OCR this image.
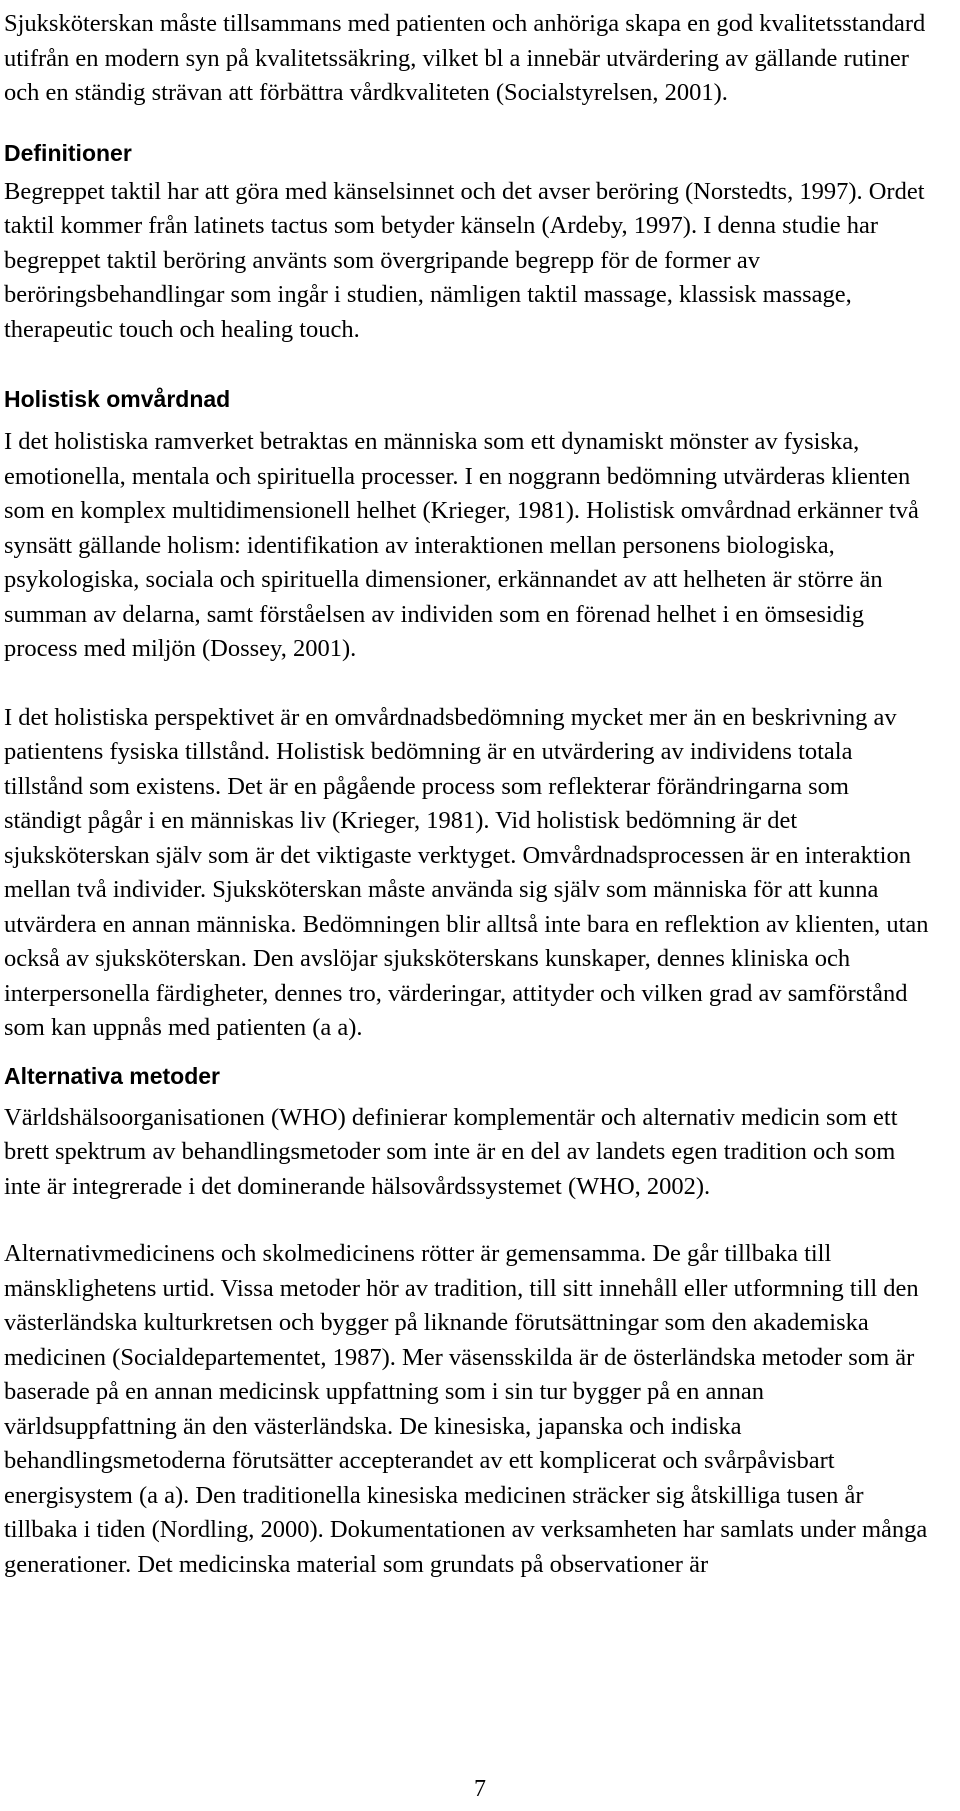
Sjuksköterskan måste tillsammans med patienten och anhöriga skapa en god kvalitetsstandard utifrån en modern syn på kvalitetssäkring, vilket bl a innebär utvärdering av gällande rutiner och en ständig strävan att förbättra vårdkvaliteten (Socialstyrelsen, 2001).

Definitioner

Begreppet taktil har att göra med känselsinnet och det avser beröring (Norstedts, 1997). Ordet taktil kommer från latinets tactus som betyder känseln (Ardeby, 1997). I denna studie har begreppet taktil beröring använts som övergripande begrepp för de former av beröringsbehandlingar som ingår i studien, nämligen taktil massage, klassisk massage, therapeutic touch och healing touch.

Holistisk omvårdnad

I det holistiska ramverket betraktas en människa som ett dynamiskt mönster av fysiska, emotionella, mentala och spirituella processer. I en noggrann bedömning utvärderas klienten som en komplex multidimensionell helhet (Krieger, 1981). Holistisk omvårdnad erkänner två synsätt gällande holism: identifikation av interaktionen mellan personens biologiska, psykologiska, sociala och spirituella dimensioner, erkännandet av att helheten är större än summan av delarna, samt förståelsen av individen som en förenad helhet i en ömsesidig process med miljön (Dossey, 2001).

I det holistiska perspektivet är en omvårdnadsbedömning mycket mer än en beskrivning av patientens fysiska tillstånd. Holistisk bedömning är en utvärdering av individens totala tillstånd som existens. Det är en pågående process som reflekterar förändringarna som ständigt pågår i en människas liv (Krieger, 1981). Vid holistisk bedömning är det sjuksköterskan själv som är det viktigaste verktyget. Omvårdnadsprocessen är en interaktion mellan två individer. Sjuksköterskan måste använda sig själv som människa för att kunna utvärdera en annan människa. Bedömningen blir alltså inte bara en reflektion av klienten, utan också av sjuksköterskan. Den avslöjar sjuksköterskans kunskaper, dennes kliniska och interpersonella färdigheter, dennes tro, värderingar, attityder och vilken grad av samförstånd som kan uppnås med patienten (a a).

Alternativa metoder

Världshälsoorganisationen (WHO) definierar komplementär och alternativ medicin som ett brett spektrum av behandlingsmetoder som inte är en del av landets egen tradition och som inte är integrerade i det dominerande hälsovårdssystemet (WHO, 2002).

Alternativmedicinens och skolmedicinens rötter är gemensamma. De går tillbaka till mänsklighetens urtid. Vissa metoder hör av tradition, till sitt innehåll eller utformning till den västerländska kulturkretsen och bygger på liknande förutsättningar som den akademiska medicinen (Socialdepartementet, 1987). Mer väsensskilda är de österländska metoder som är baserade på en annan medicinsk uppfattning som i sin tur bygger på en annan världsuppfattning än den västerländska. De kinesiska, japanska och indiska behandlingsmetoderna förutsätter accepterandet av ett komplicerat och svårpåvisbart energisystem (a a). Den traditionella kinesiska medicinen sträcker sig åtskilliga tusen år tillbaka i tiden (Nordling, 2000). Dokumentationen av verksamheten har samlats under många generationer. Det medicinska material som grundats på observationer är

7
